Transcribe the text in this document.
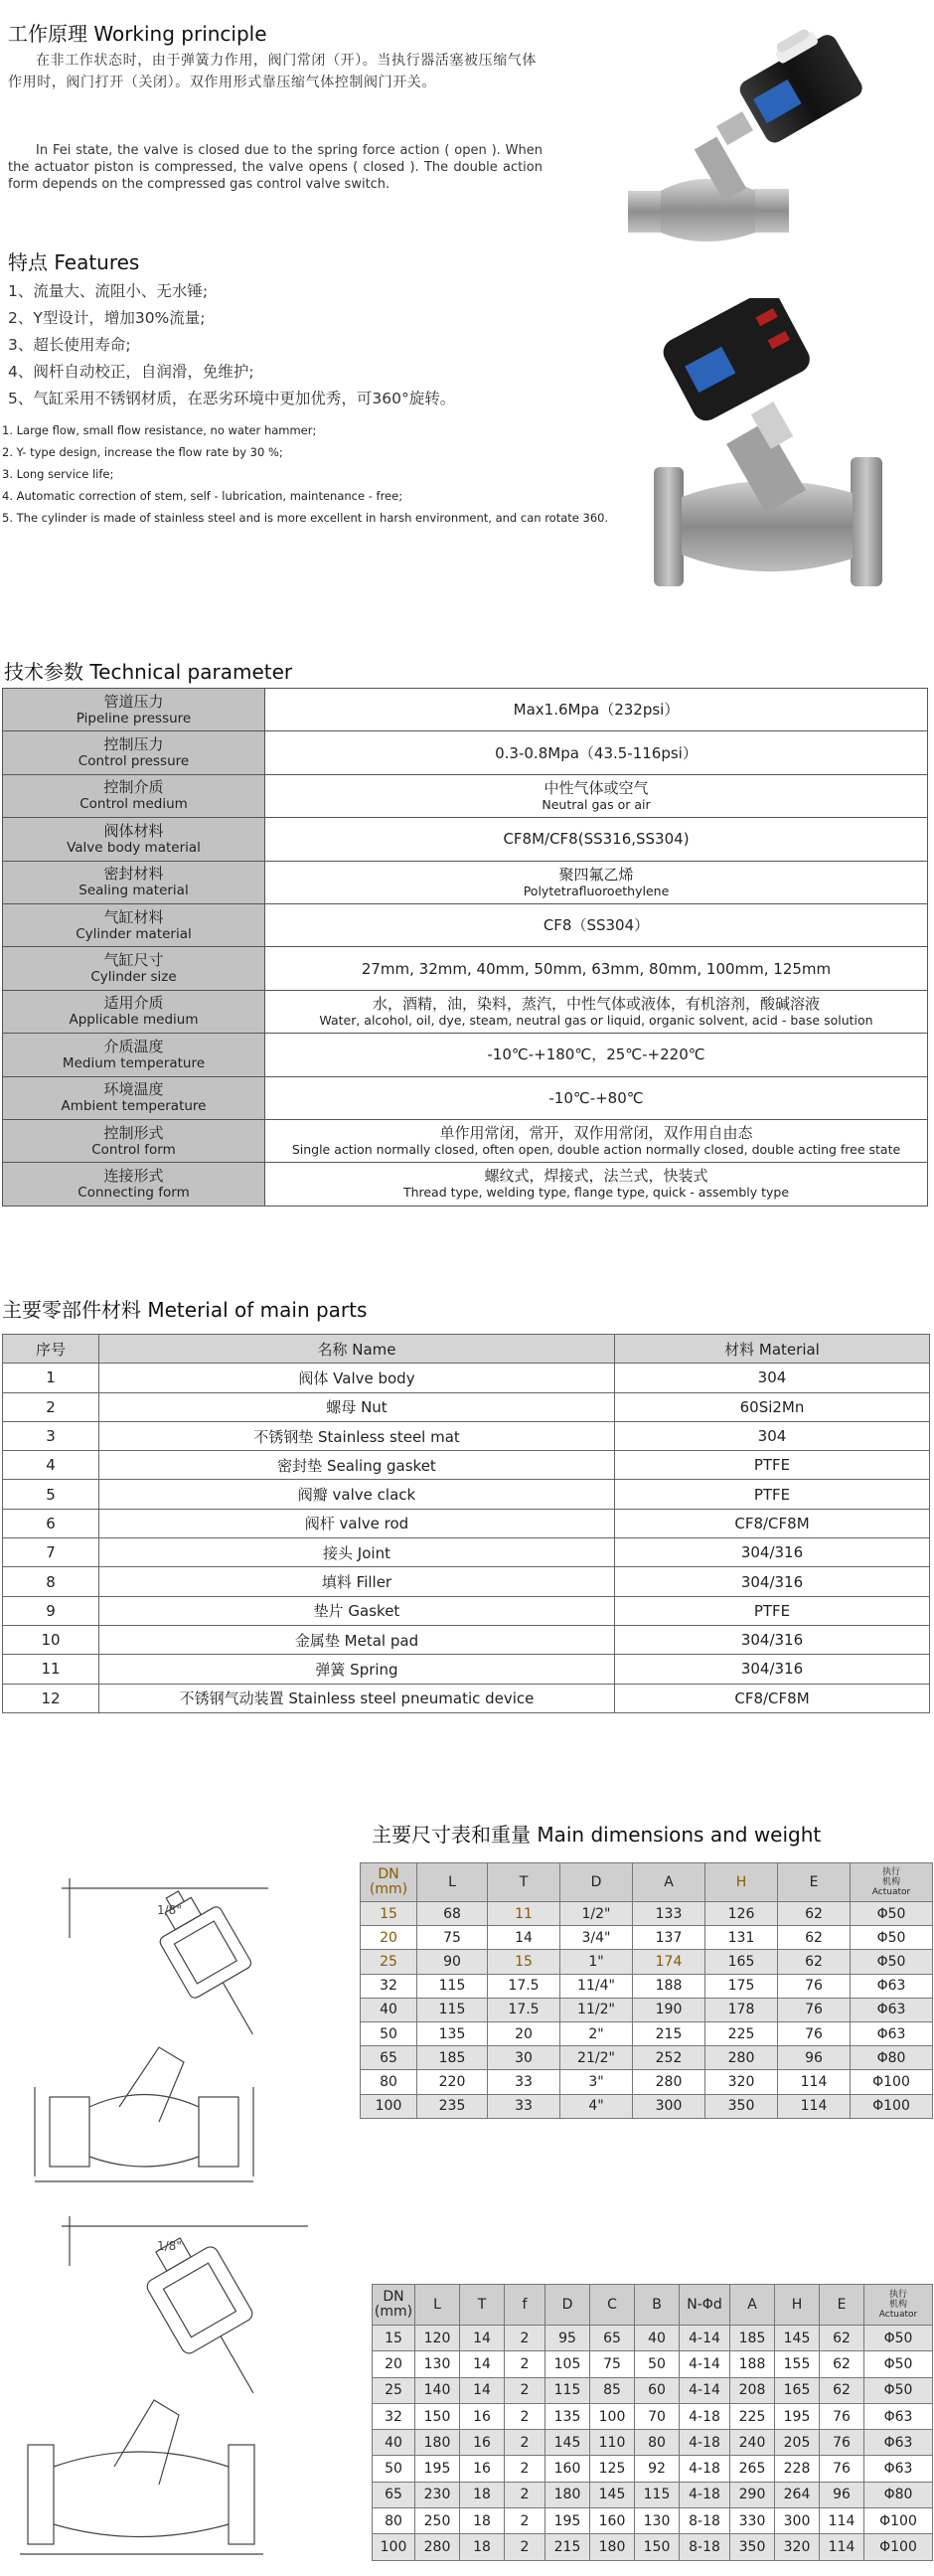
工作原理 Working principle
在非工作状态时，由于弹簧力作用，阀门常闭（开）。当执行器活塞被压缩气体作用时，阀门打开（关闭）。双作用形式靠压缩气体控制阀门开关。
In Fei state, the valve is closed due to the spring force action ( open ). When the actuator piston is compressed, the valve opens ( closed ). The double action form depends on the compressed gas control valve switch.
特点 Features
1、流量大、流阻小、无水锤;
2、Y型设计，增加30%流量;
3、超长使用寿命;
4、阀杆自动校正，自润滑，免维护;
5、气缸采用不锈钢材质，在恶劣环境中更加优秀，可360°旋转。
1. Large flow, small flow resistance, no water hammer;
2. Y- type design, increase the flow rate by 30 %;
3. Long service life;
4. Automatic correction of stem, self - lubrication, maintenance - free;
5. The cylinder is made of stainless steel and is more excellent in harsh environment, and can rotate 360.
技术参数 Technical parameter
管道压力
Pipeline pressure	Max1.6Mpa（232psi）

控制压力
Control pressure	0.3-0.8Mpa（43.5-116psi）

控制介质
Control medium	中性气体或空气
Neutral gas or air

阀体材料
Valve body material	CF8M/CF8(SS316,SS304)

密封材料
Sealing material	聚四氟乙烯
Polytetrafluoroethylene

气缸材料
Cylinder material	CF8（SS304）

气缸尺寸
Cylinder size	27mm, 32mm, 40mm, 50mm, 63mm, 80mm, 100mm, 125mm

适用介质
Applicable medium	水，酒精，油，染料，蒸汽，中性气体或液体，有机溶剂，酸碱溶液
Water, alcohol, oil, dye, steam, neutral gas or liquid, organic solvent, acid - base solution

介质温度
Medium temperature	-10℃-+180℃，25℃-+220℃

环境温度
Ambient temperature	-10℃-+80℃

控制形式
Control form	单作用常闭，常开，双作用常闭，双作用自由态
Single action normally closed, often open, double action normally closed, double acting free state

连接形式
Connecting form	螺纹式，焊接式，法兰式，快装式
Thread type, welding type, flange type, quick - assembly type
主要零部件材料 Meterial of main parts
序号	名称 Name	材料 Material
1	阀体 Valve body	304
2	螺母 Nut	60Si2Mn
3	不锈钢垫 Stainless steel mat	304
4	密封垫 Sealing gasket	PTFE
5	阀瓣 valve clack	PTFE
6	阀杆 valve rod	CF8/CF8M
7	接头 Joint	304/316
8	填料 Filler	304/316
9	垫片 Gasket	PTFE
10	金属垫 Metal pad	304/316
11	弹簧 Spring	304/316
12	不锈钢气动装置 Stainless steel pneumatic device	CF8/CF8M
主要尺寸表和重量 Main dimensions and weight
1/8"
DN
(mm)	L	T	D	A	H	E	执行
机构
Actuator

15	68	11	1/2"	133	126	62	Φ50
20	75	14	3/4"	137	131	62	Φ50
25	90	15	1"	174	165	62	Φ50
32	115	17.5	11/4"	188	175	76	Φ63
40	115	17.5	11/2"	190	178	76	Φ63
50	135	20	2"	215	225	76	Φ63
65	185	30	21/2"	252	280	96	Φ80
80	220	33	3"	280	320	114	Φ100
100	235	33	4"	300	350	114	Φ100
1/8"
DN
(mm)	L	T	f	D	C	B	N-Φd	A	H	E	执行
机构
Actuator

15	120	14	2	95	65	40	4-14	185	145	62	Φ50
20	130	14	2	105	75	50	4-14	188	155	62	Φ50
25	140	14	2	115	85	60	4-14	208	165	62	Φ50
32	150	16	2	135	100	70	4-18	225	195	76	Φ63
40	180	16	2	145	110	80	4-18	240	205	76	Φ63
50	195	16	2	160	125	92	4-18	265	228	76	Φ63
65	230	18	2	180	145	115	4-18	290	264	96	Φ80
80	250	18	2	195	160	130	8-18	330	300	114	Φ100
100	280	18	2	215	180	150	8-18	350	320	114	Φ100
